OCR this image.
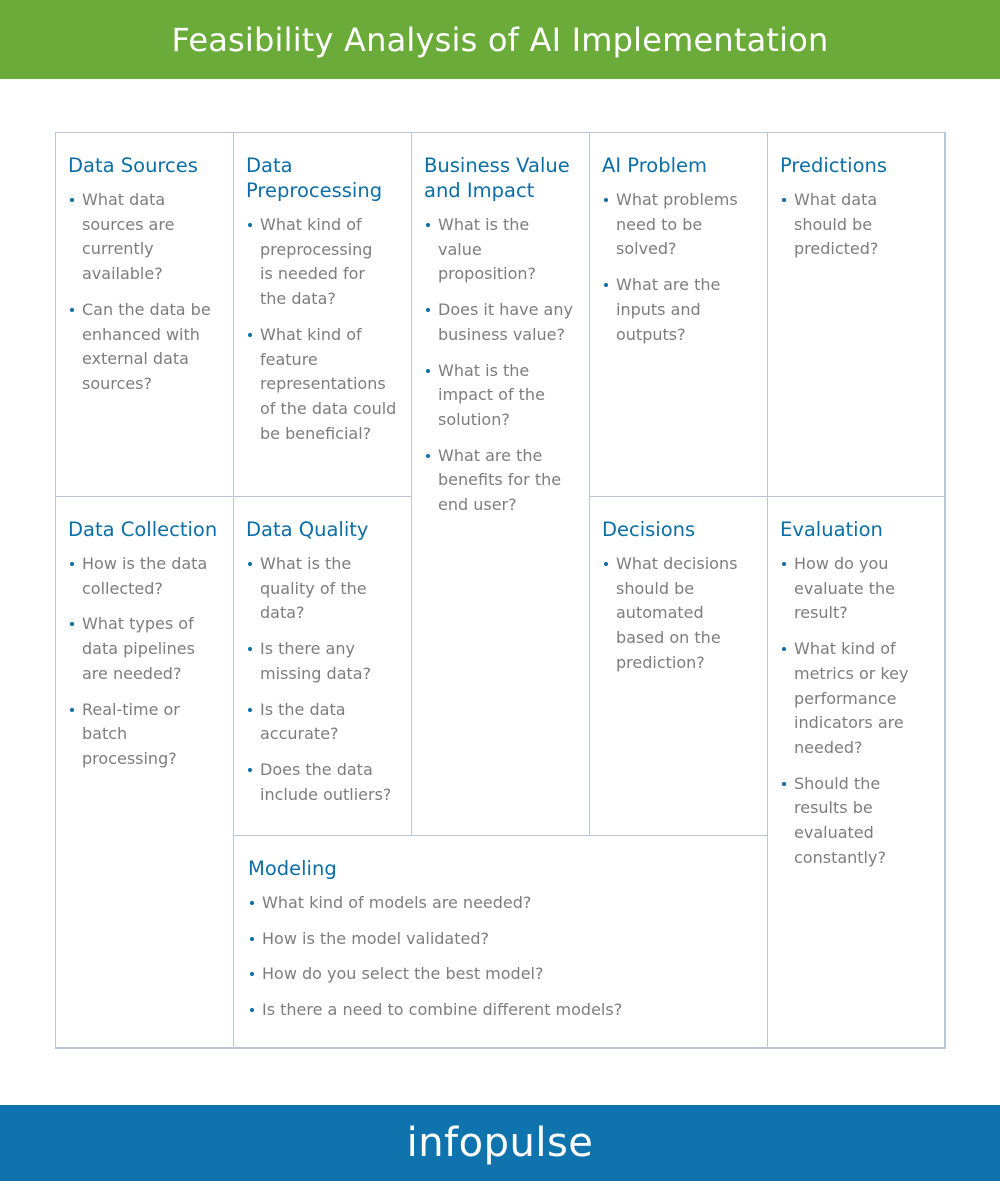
Feasibility Analysis of AI Implementation
Data Sources
What data sources are currently available?
Can the data be enhanced with external data sources?
Data Preprocessing
What kind of preprocessing is needed for the data?
What kind of feature representations of the data could be beneficial?
Business Value and Impact
What is the value proposition?
Does it have any business value?
What is the impact of the solution?
What are the benefits for the end user?
AI Problem
What problems need to be solved?
What are the inputs and outputs?
Predictions
What data should be predicted?
Data Collection
How is the data collected?
What types of data pipelines are needed?
Real-time or batch processing?
Data Quality
What is the quality of the data?
Is there any missing data?
Is the data accurate?
Does the data include outliers?
Decisions
What decisions should be automated based on the prediction?
Evaluation
How do you evaluate the result?
What kind of metrics or key performance indicators are needed?
Should the results be evaluated constantly?
Modeling
What kind of models are needed?
How is the model validated?
How do you select the best model?
Is there a need to combine different models?
infopulse
